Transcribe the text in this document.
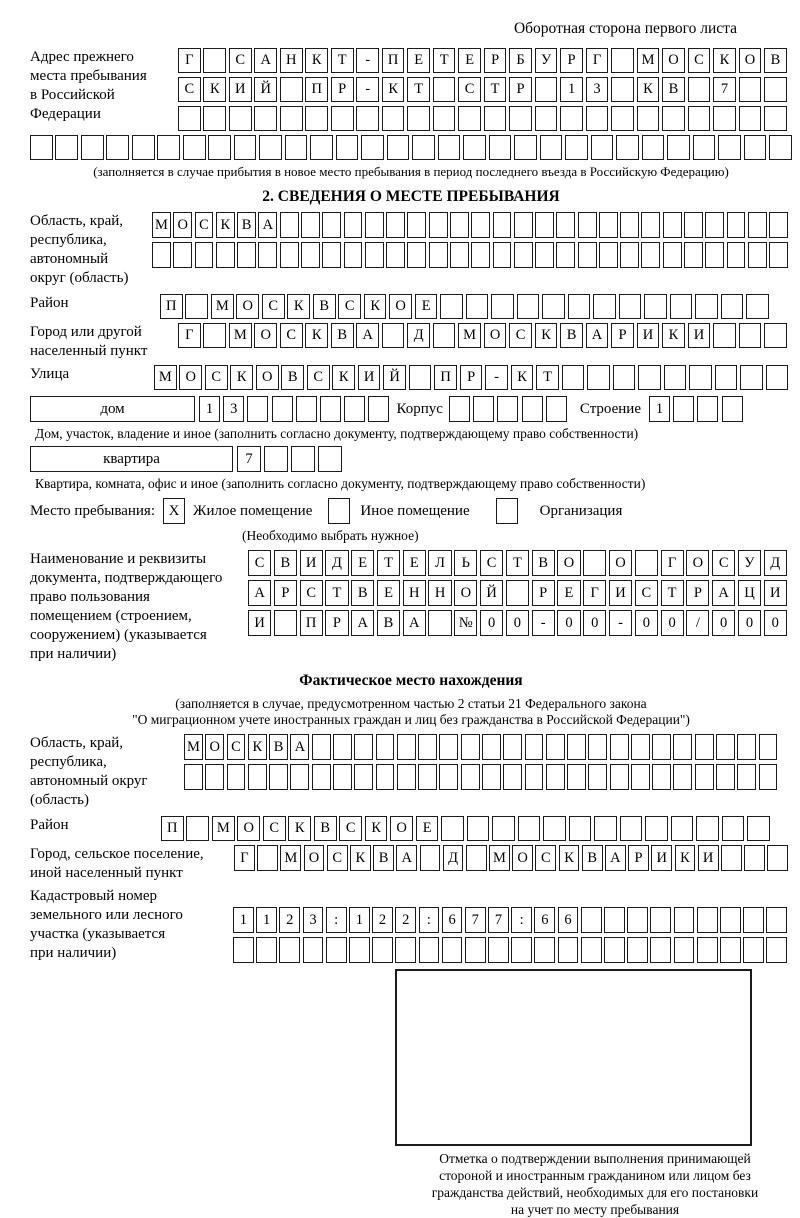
Оборотная сторона первого листа
Адрес прежнего
места пребывания
в Российской
Федерации
Г
	С	А	Н	К	Т	-	П	Е	Т	Е	Р	Б	У	Р	Г
	М О	С	К	О	В
С	К	И	Й
	П	Р	-	К	Т
	С	Т	Р
	1	3
	К	В
	7

(заполняется в случае прибытия в новое место пребывания в период последнего въезда в Российскую Федерацию)
2. СВЕДЕНИЯ О МЕСТЕ ПРЕБЫВАНИЯ
Область, край,
республика,
автономный
округ (область)
М О С К В А

Район	П
	М О	С	К	В	С	К	О	Е

Город или другой
населенный пункт
Г
	М О	С	К	В	А
	Д
	М О	С	К	В	А	Р	И	К	И

Улица	М О	С	К	О	В	С	К	И	Й
	П	Р	-	К	Т

дом	1	3

	Корпус

	Строение	1

Дом, участок, владение и иное (заполнить согласно документу, подтверждающему право собственности)
квартира	7

Квартира, комната, офис и иное (заполнить согласно документу, подтверждающему право собственности)
Место пребывания: X Жилое помещение	Иное помещение	Организация
(Необходимо выбрать нужное)
Наименование и реквизиты
документа, подтверждающего
право пользования
помещением (строением,
сооружением) (указывается
при наличии)
С	В	И	Д	Е	Т	Е	Л	Ь	С	Т	В	О
	О
	Г	О	С	У	Д
А	Р	С	Т	В	Е	Н	Н	О	Й
	Р	Е	Г	И	С	Т	Р	А	Ц	И
И
	П	Р	А	В	А
	№	0	0	-	0	0	-	0	0	/	0	0	0
Фактическое место нахождения
(заполняется в случае, предусмотренном частью 2 статьи 21 Федерального закона
"О миграционном учете иностранных граждан и лиц без гражданства в Российской Федерации")
Область, край,
республика,
автономный округ
(область)
М О С К В А

Район	П
	М О	С	К	В	С	К	О	Е

Город, сельское поселение,
иной населенный пункт
Г
	М О С К В А
	Д
	М О С К В А Р И К И

Кадастровый номер
земельного или лесного
участка (указывается
при наличии)
1	1	2	3	:	1	2	2	:	6	7	7	:	6	6

Отметка о подтверждении выполнения принимающей
стороной и иностранным гражданином или лицом без
гражданства действий, необходимых для его постановки
на учет по месту пребывания
